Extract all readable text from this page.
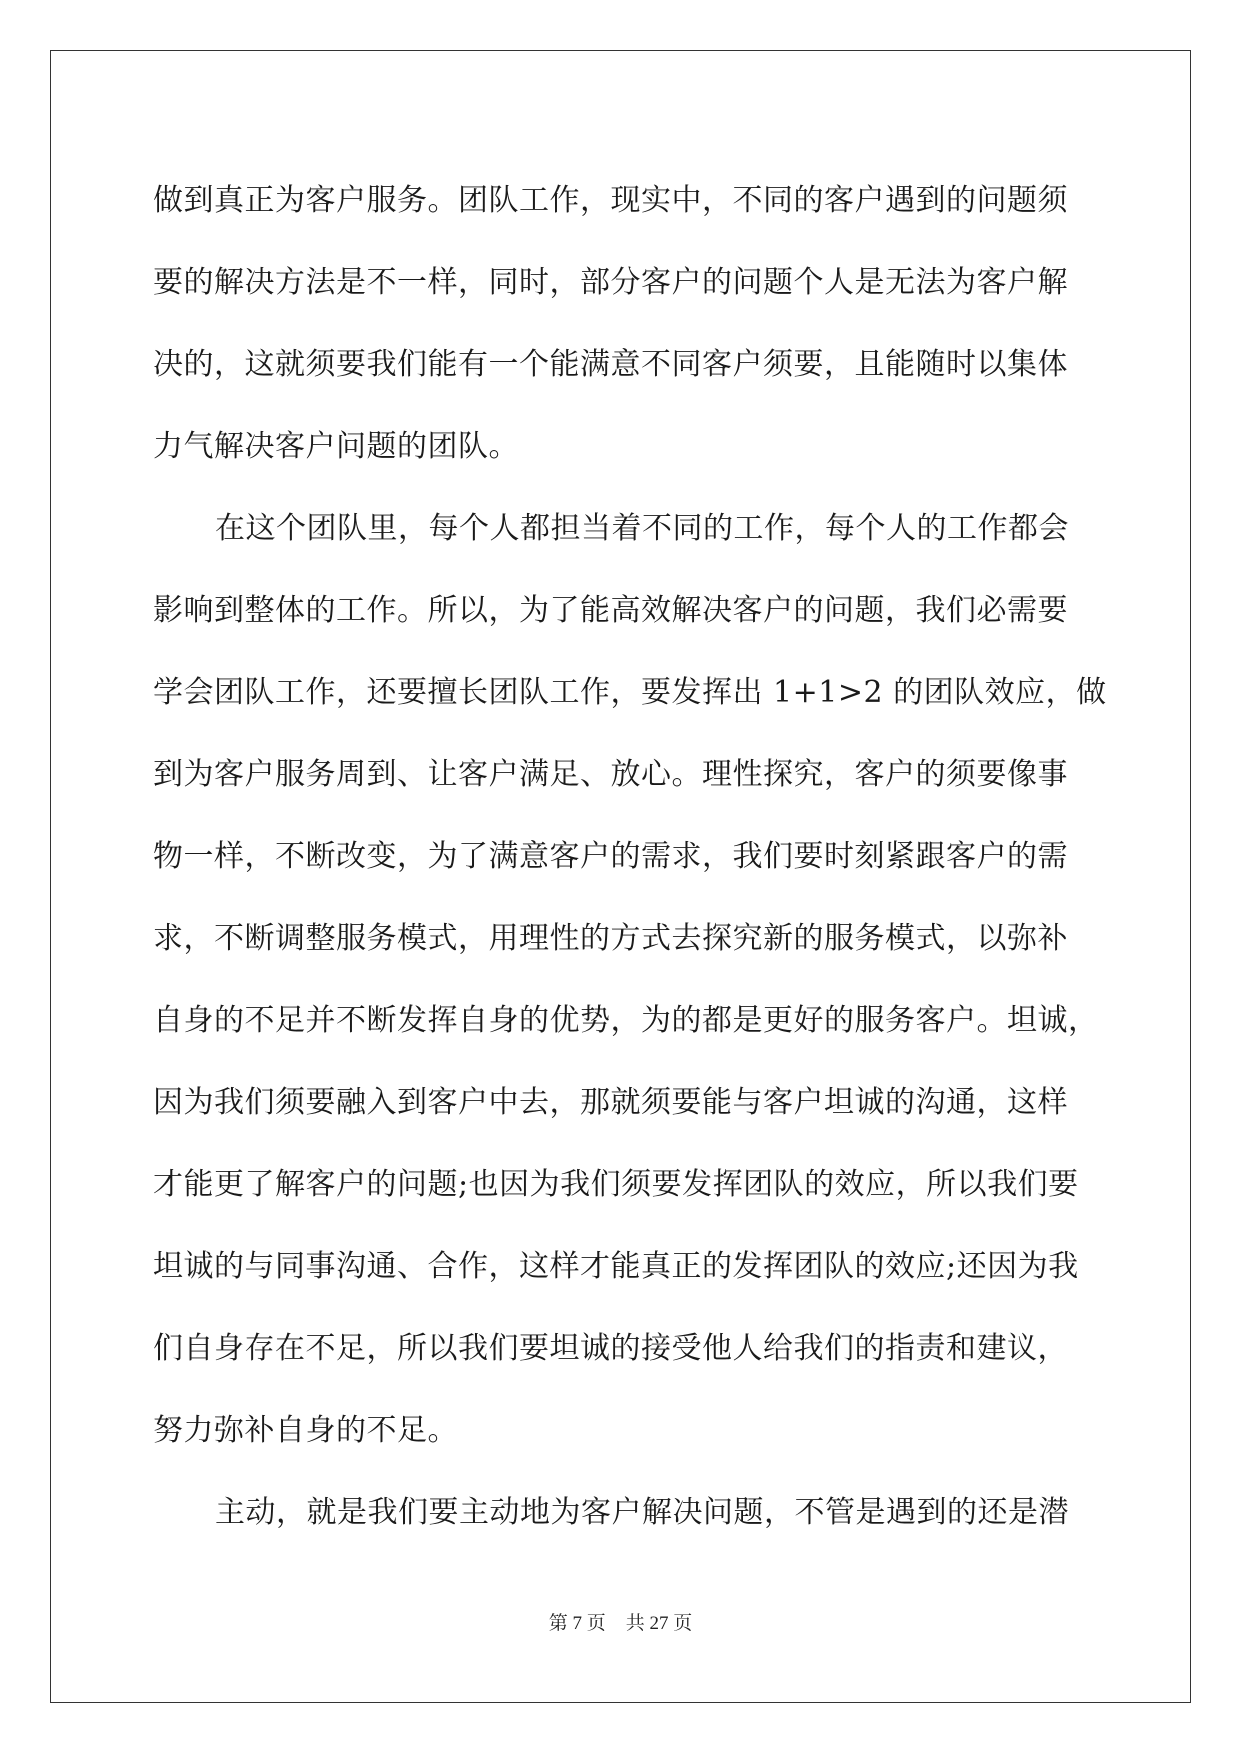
做到真正为客户服务。团队工作，现实中，不同的客户遇到的问题须
要的解决方法是不一样，同时，部分客户的问题个人是无法为客户解
决的，这就须要我们能有一个能满意不同客户须要，且能随时以集体
力气解决客户问题的团队。
在这个团队里，每个人都担当着不同的工作，每个人的工作都会
影响到整体的工作。所以，为了能高效解决客户的问题，我们必需要
学会团队工作，还要擅长团队工作，要发挥出 1+1>2 的团队效应，做
到为客户服务周到、让客户满足、放心。理性探究，客户的须要像事
物一样，不断改变，为了满意客户的需求，我们要时刻紧跟客户的需
求，不断调整服务模式，用理性的方式去探究新的服务模式，以弥补
自身的不足并不断发挥自身的优势，为的都是更好的服务客户。坦诚，
因为我们须要融入到客户中去，那就须要能与客户坦诚的沟通，这样
才能更了解客户的问题;也因为我们须要发挥团队的效应，所以我们要
坦诚的与同事沟通、合作，这样才能真正的发挥团队的效应;还因为我
们自身存在不足，所以我们要坦诚的接受他人给我们的指责和建议，
努力弥补自身的不足。
主动，就是我们要主动地为客户解决问题，不管是遇到的还是潜
第 7 页 共 27 页
